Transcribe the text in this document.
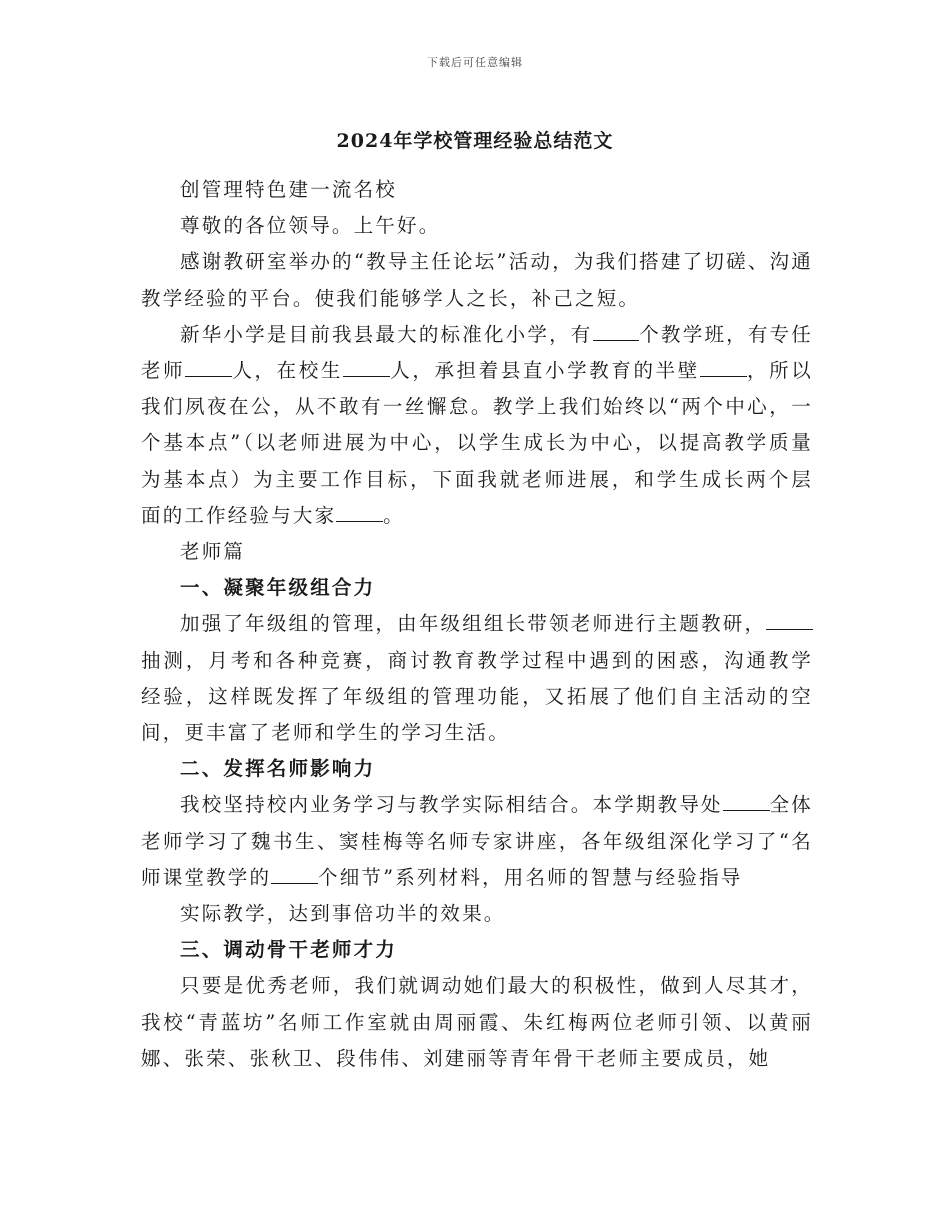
下载后可任意编辑
2024年学校管理经验总结范文

创管理特色建一流名校

尊敬的各位领导。上午好。

感谢教研室举办的“教导主任论坛”活动，为我们搭建了切磋、沟通教学经验的平台。使我们能够学人之长，补己之短。

新华小学是目前我县最大的标准化小学，有 个教学班，有专任老师 人，在校生 人，承担着县直小学教育的半壁 ，所以我们夙夜在公，从不敢有一丝懈怠。教学上我们始终以“两个中心，一个基本点”（以老师进展为中心，以学生成长为中心，以提高教学质量为基本点）为主要工作目标，下面我就老师进展，和学生成长两个层面的工作经验与大家 。

老师篇

一、凝聚年级组合力

加强了年级组的管理，由年级组组长带领老师进行主题教研，抽测，月考和各种竞赛，商讨教育教学过程中遇到的困惑，沟通教学经验，这样既发挥了年级组的管理功能，又拓展了他们自主活动的空间，更丰富了老师和学生的学习生活。

二、发挥名师影响力

我校坚持校内业务学习与教学实际相结合。本学期教导处 全体老师学习了魏书生、窦桂梅等名师专家讲座，各年级组深化学习了“名师课堂教学的 个细节”系列材料，用名师的智慧与经验指导

实际教学，达到事倍功半的效果。

三、调动骨干老师才力

只要是优秀老师，我们就调动她们最大的积极性，做到人尽其才，我校“青蓝坊”名师工作室就由周丽霞、朱红梅两位老师引领、以黄丽娜、张荣、张秋卫、段伟伟、刘建丽等青年骨干老师主要成员，她
